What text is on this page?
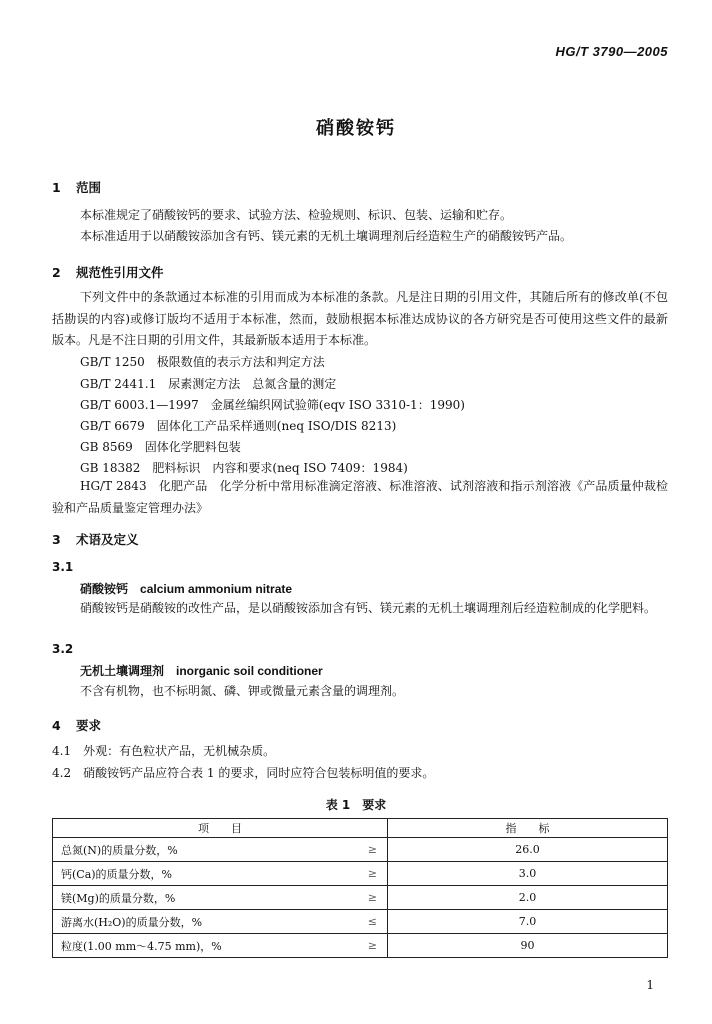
HG/T 3790—2005
硝酸铵钙
1 范围
本标准规定了硝酸铵钙的要求、试验方法、检验规则、标识、包装、运输和贮存。
本标准适用于以硝酸铵添加含有钙、镁元素的无机土壤调理剂后经造粒生产的硝酸铵钙产品。
2 规范性引用文件
下列文件中的条款通过本标准的引用而成为本标准的条款。凡是注日期的引用文件，其随后所有的修改单(不包括勘误的内容)或修订版均不适用于本标准，然而，鼓励根据本标准达成协议的各方研究是否可使用这些文件的最新版本。凡是不注日期的引用文件，其最新版本适用于本标准。
GB/T 1250　极限数值的表示方法和判定方法
GB/T 2441.1　尿素测定方法　总氮含量的测定
GB/T 6003.1—1997　金属丝编织网试验筛(eqv ISO 3310-1：1990)
GB/T 6679　固体化工产品采样通则(neq ISO/DIS 8213)
GB 8569　固体化学肥料包装
GB 18382　肥料标识　内容和要求(neq ISO 7409：1984)
HG/T 2843　化肥产品　化学分析中常用标准滴定溶液、标准溶液、试剂溶液和指示剂溶液《产品质量仲裁检验和产品质量鉴定管理办法》
3 术语及定义
3.1
硝酸铵钙 calcium ammonium nitrate
硝酸铵钙是硝酸铵的改性产品，是以硝酸铵添加含有钙、镁元素的无机土壤调理剂后经造粒制成的化学肥料。
3.2
无机土壤调理剂 inorganic soil conditioner
不含有机物，也不标明氮、磷、钾或微量元素含量的调理剂。
4 要求
4.1　外观：有色粒状产品，无机械杂质。
4.2　硝酸铵钙产品应符合表 1 的要求，同时应符合包装标明值的要求。
表 1　要求
项　　目	指　　标
总氮(N)的质量分数，% ≥	26.0
钙(Ca)的质量分数，% ≥	3.0
镁(Mg)的质量分数，% ≥	2.0
游离水(H₂O)的质量分数，% ≤	7.0
粒度(1.00 mm～4.75 mm)，% ≥	90
1
